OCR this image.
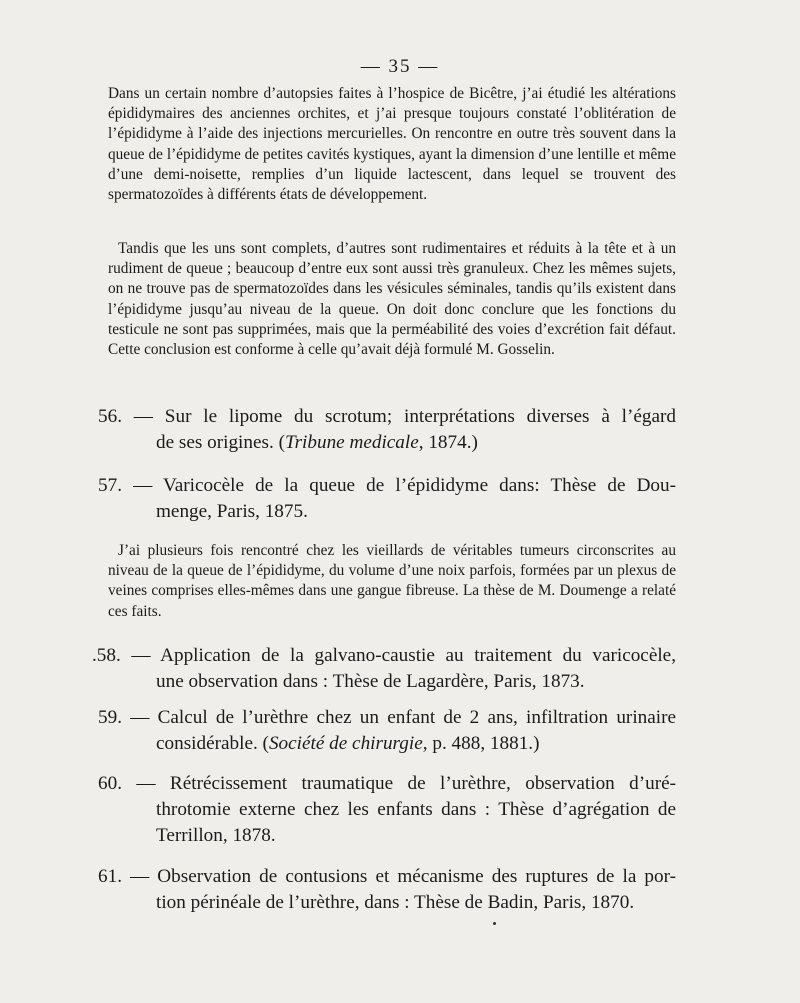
— 35 —

Dans un certain nombre d’autopsies faites à l’hospice de Bicêtre, j’ai étudié les altérations épididymaires des anciennes orchites, et j’ai presque toujours constaté l’oblitération de l’épididyme à l’aide des injections mercurielles. On rencontre en outre très souvent dans la queue de l’épididyme de petites cavités kystiques, ayant la dimension d’une lentille et même d’une demi-noisette, remplies d’un liquide lactescent, dans lequel se trouvent des spermatozoïdes à différents états de développement.

Tandis que les uns sont complets, d’autres sont rudimentaires et réduits à la tête et à un rudiment de queue ; beaucoup d’entre eux sont aussi très granuleux. Chez les mêmes sujets, on ne trouve pas de spermatozoïdes dans les vésicules séminales, tandis qu’ils existent dans l’épididyme jusqu’au niveau de la queue. On doit donc conclure que les fonctions du testicule ne sont pas supprimées, mais que la perméabilité des voies d’excrétion fait défaut. Cette conclusion est conforme à celle qu’avait déjà formulé M. Gosselin.

56. — Sur le lipome du scrotum; interprétations diverses à l’égard
de ses origines. (Tribune medicale, 1874.)
57. — Varicocèle de la queue de l’épididyme dans: Thèse de Dou-
menge, Paris, 1875.

J’ai plusieurs fois rencontré chez les vieillards de véritables tumeurs circonscrites au niveau de la queue de l’épididyme, du volume d’une noix parfois, formées par un plexus de veines comprises elles-mêmes dans une gangue fibreuse. La thèse de M. Doumenge a relaté ces faits.

.58. — Application de la galvano-caustie au traitement du varicocèle,
une observation dans : Thèse de Lagardère, Paris, 1873.
59. — Calcul de l’urèthre chez un enfant de 2 ans, infiltration urinaire
considérable. (Société de chirurgie, p. 488, 1881.)
60. — Rétrécissement traumatique de l’urèthre, observation d’uré-
throtomie externe chez les enfants dans : Thèse d’agrégation de
Terrillon, 1878.
61. — Observation de contusions et mécanisme des ruptures de la por-
tion périnéale de l’urèthre, dans : Thèse de Badin, Paris, 1870.
